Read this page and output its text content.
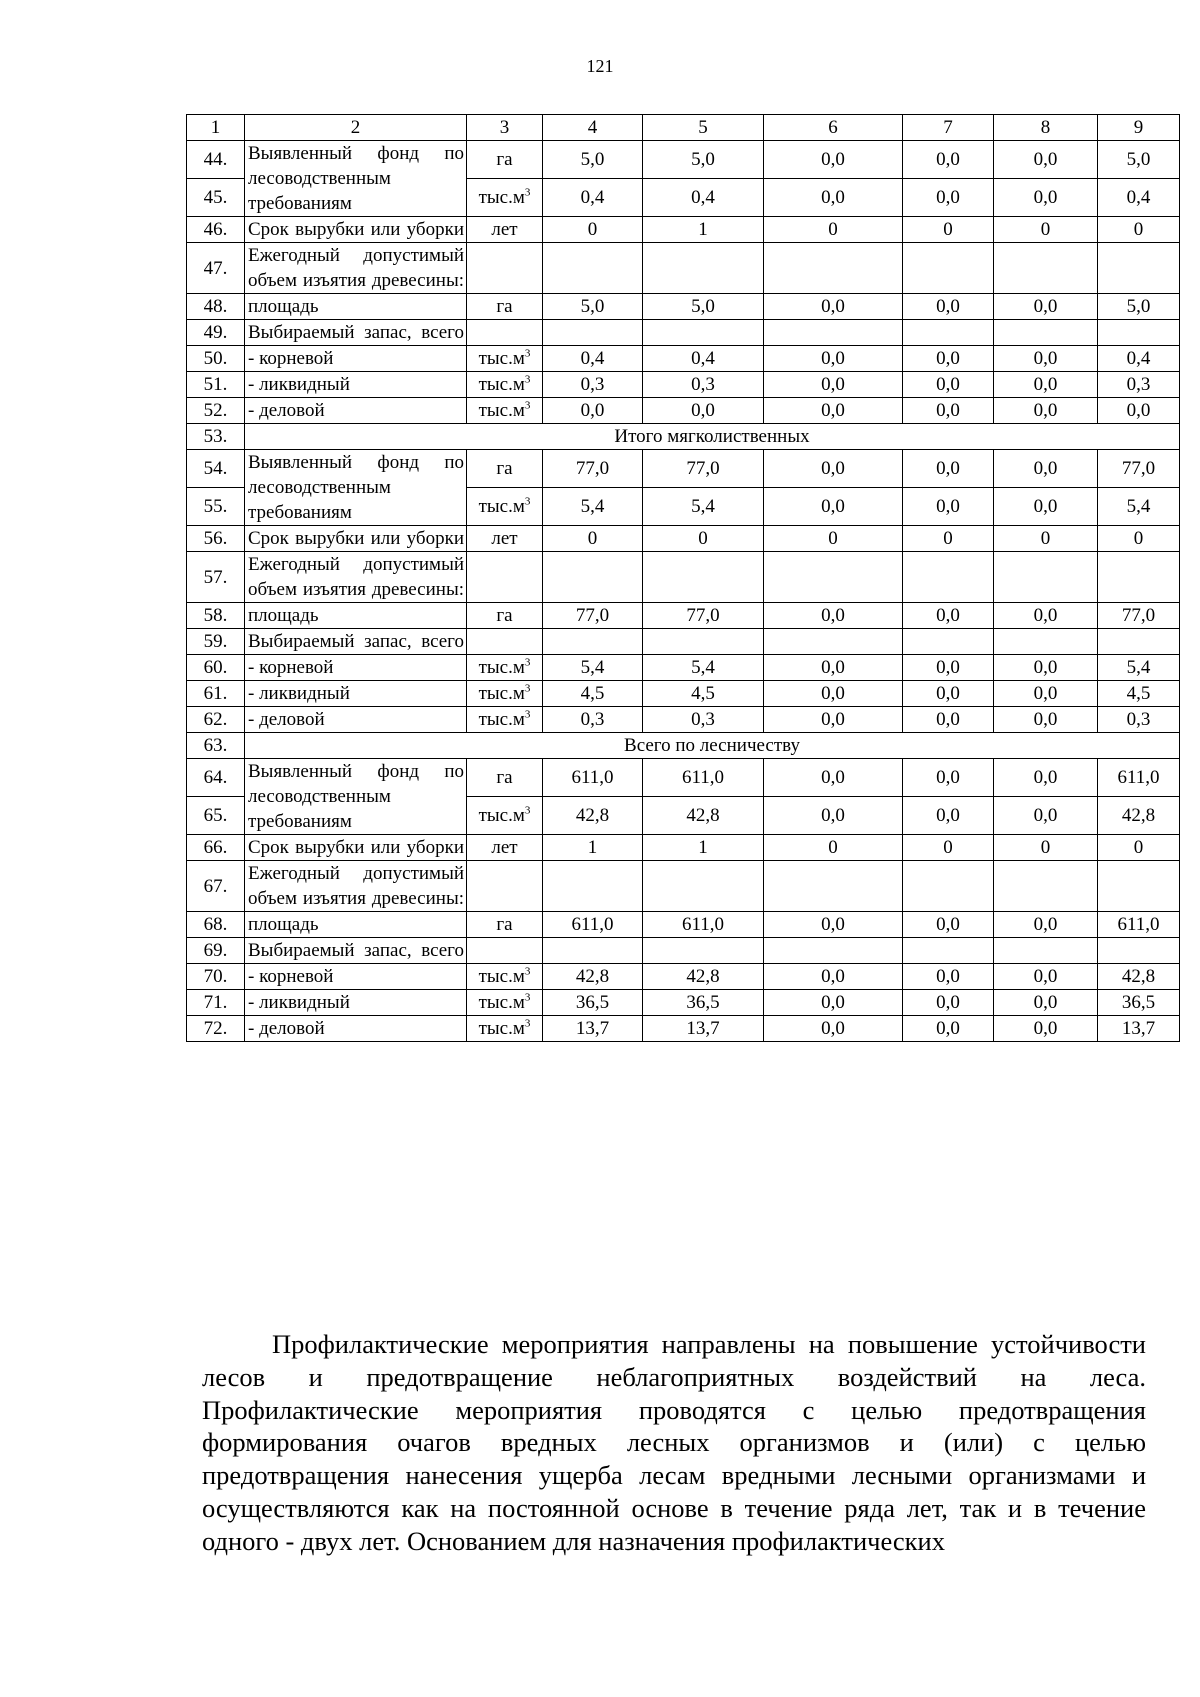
121
1	2	3	4	5	6	7	8	9
44.	Выявленный фонд по лесоводственным требованиям	га	5,0	5,0	0,0	0,0	0,0	5,0
45.		$тыс.м^3$	0,4	0,4	0,0	0,0	0,0	0,4
46.	Срок вырубки или уборки	лет	0	1	0	0	0	0
47.	Ежегодный допустимый объем изъятия древесины:							
48.	площадь	га	5,0	5,0	0,0	0,0	0,0	5,0
49.	Выбираемый запас, всего							
50.	- корневой	$тыс.м^3$	0,4	0,4	0,0	0,0	0,0	0,4
51.	- ликвидный	$тыс.м^3$	0,3	0,3	0,0	0,0	0,0	0,3
52.	- деловой	$тыс.м^3$	0,0	0,0	0,0	0,0	0,0	0,0
53.	Итого мягколиственных							
54.	Выявленный фонд по лесоводственным требованиям	га	77,0	77,0	0,0	0,0	0,0	77,0
55.		$тыс.м^3$	5,4	5,4	0,0	0,0	0,0	5,4
56.	Срок вырубки или уборки	лет	0	0	0	0	0	0
57.	Ежегодный допустимый объем изъятия древесины:							
58.	площадь	га	77,0	77,0	0,0	0,0	0,0	77,0
59.	Выбираемый запас, всего							
60.	- корневой	$тыс.м^3$	5,4	5,4	0,0	0,0	0,0	5,4
61.	- ликвидный	$тыс.м^3$	4,5	4,5	0,0	0,0	0,0	4,5
62.	- деловой	$тыс.м^3$	0,3	0,3	0,0	0,0	0,0	0,3
63.	Всего по лесничеству							
64.	Выявленный фонд по лесоводственным требованиям	га	611,0	611,0	0,0	0,0	0,0	611,0
65.		$тыс.м^3$	42,8	42,8	0,0	0,0	0,0	42,8
66.	Срок вырубки или уборки	лет	1	1	0	0	0	0
67.	Ежегодный допустимый объем изъятия древесины:							
68.	площадь	га	611,0	611,0	0,0	0,0	0,0	611,0
69.	Выбираемый запас, всего							
70.	- корневой	$тыс.м^3$	42,8	42,8	0,0	0,0	0,0	42,8
71.	- ликвидный	$тыс.м^3$	36,5	36,5	0,0	0,0	0,0	36,5
72.	- деловой	$тыс.м^3$	13,7	13,7	0,0	0,0	0,0	13,7
Профилактические мероприятия направлены на повышение устойчивости лесов и предотвращение неблагоприятных воздействий на леса. Профилактические мероприятия проводятся с целью предотвращения формирования очагов вредных лесных организмов и (или) с целью предотвращения нанесения ущерба лесам вредными лесными организмами и осуществляются как на постоянной основе в течение ряда лет, так и в течение одного - двух лет. Основанием для назначения профилактических
